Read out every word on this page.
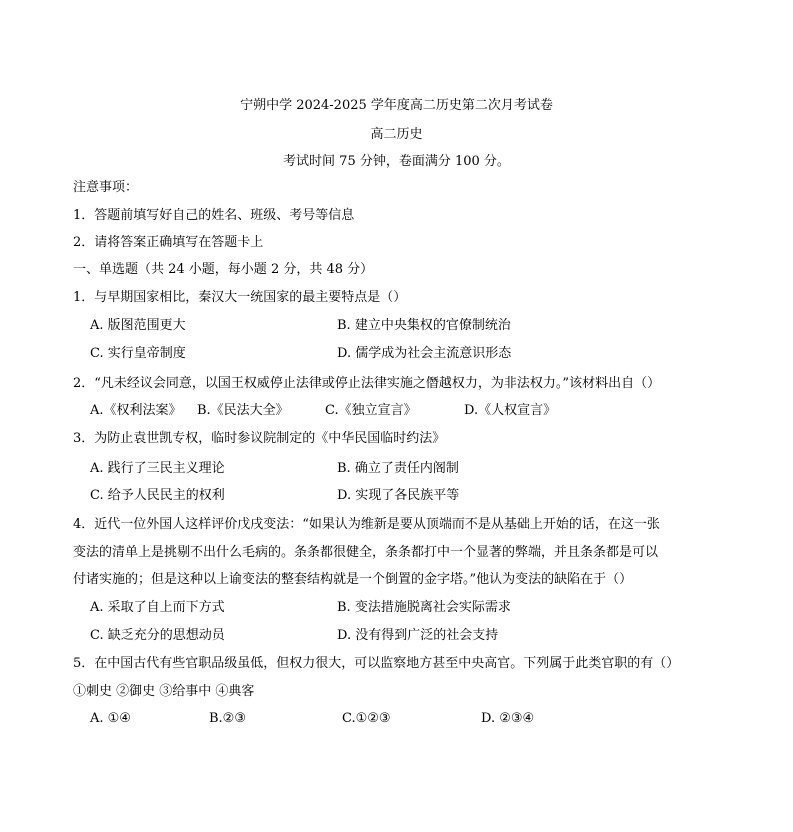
宁朔中学 2024-2025 学年度高二历史第二次月考试卷
高二历史
考试时间 75 分钟，卷面满分 100 分。
注意事项：
1．答题前填写好自己的姓名、班级、考号等信息
2．请将答案正确填写在答题卡上
一、单选题（共 24 小题，每小题 2 分，共 48 分）
1．与早期国家相比，秦汉大一统国家的最主要特点是（）
A. 版图范围更大	B. 建立中央集权的官僚制统治
C. 实行皇帝制度	D. 儒学成为社会主流意识形态
2．“凡未经议会同意，以国王权威停止法律或停止法律实施之僭越权力，为非法权力。”该材料出自（）
A.《权利法案》 B.《民法大全》	C.《独立宣言》	D.《人权宣言》
3．为防止袁世凯专权，临时参议院制定的《中华民国临时约法》
A. 践行了三民主义理论	B. 确立了责任内阁制
C. 给予人民民主的权利	D. 实现了各民族平等
4．近代一位外国人这样评价戊戌变法：“如果认为维新是要从顶端而不是从基础上开始的话，在这一张
变法的清单上是挑剔不出什么毛病的。条条都很健全，条条都打中一个显著的弊端，并且条条都是可以
付诸实施的；但是这种以上谕变法的整套结构就是一个倒置的金字塔。”他认为变法的缺陷在于（）
A. 采取了自上而下方式	B. 变法措施脱离社会实际需求
C. 缺乏充分的思想动员	D. 没有得到广泛的社会支持
5．在中国古代有些官职品级虽低，但权力很大，可以监察地方甚至中央高官。下列属于此类官职的有（）
①刺史 ②御史 ③给事中 ④典客
A. ①④	B.②③	C.①②③	D. ②③④
